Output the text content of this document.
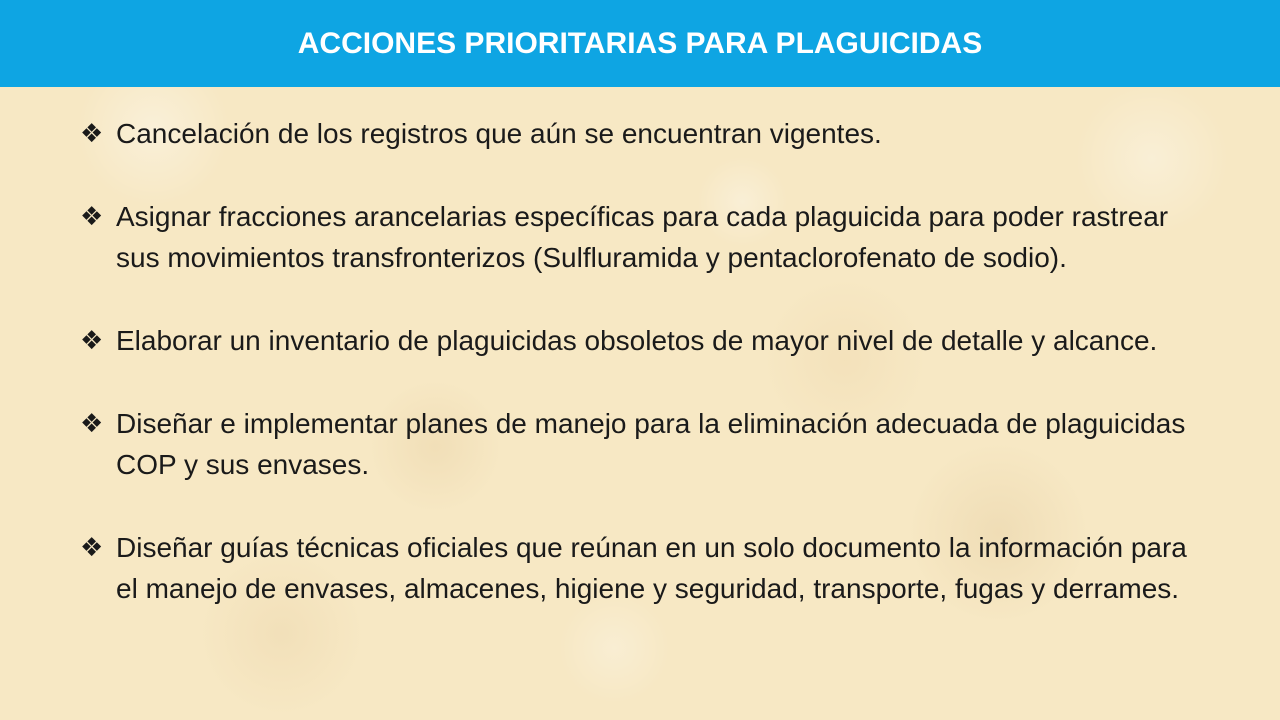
ACCIONES PRIORITARIAS PARA PLAGUICIDAS
❖ Cancelación de los registros que aún se encuentran vigentes.
❖ Asignar fracciones arancelarias específicas para cada plaguicida para poder rastrear sus movimientos transfronterizos (Sulfluramida y pentaclorofenato de sodio).
❖ Elaborar un inventario de plaguicidas obsoletos de mayor nivel de detalle y alcance.
❖ Diseñar e implementar planes de manejo para la eliminación adecuada de plaguicidas COP y sus envases.
❖ Diseñar guías técnicas oficiales que reúnan en un solo documento la información para el manejo de envases, almacenes, higiene y seguridad, transporte, fugas y derrames.
